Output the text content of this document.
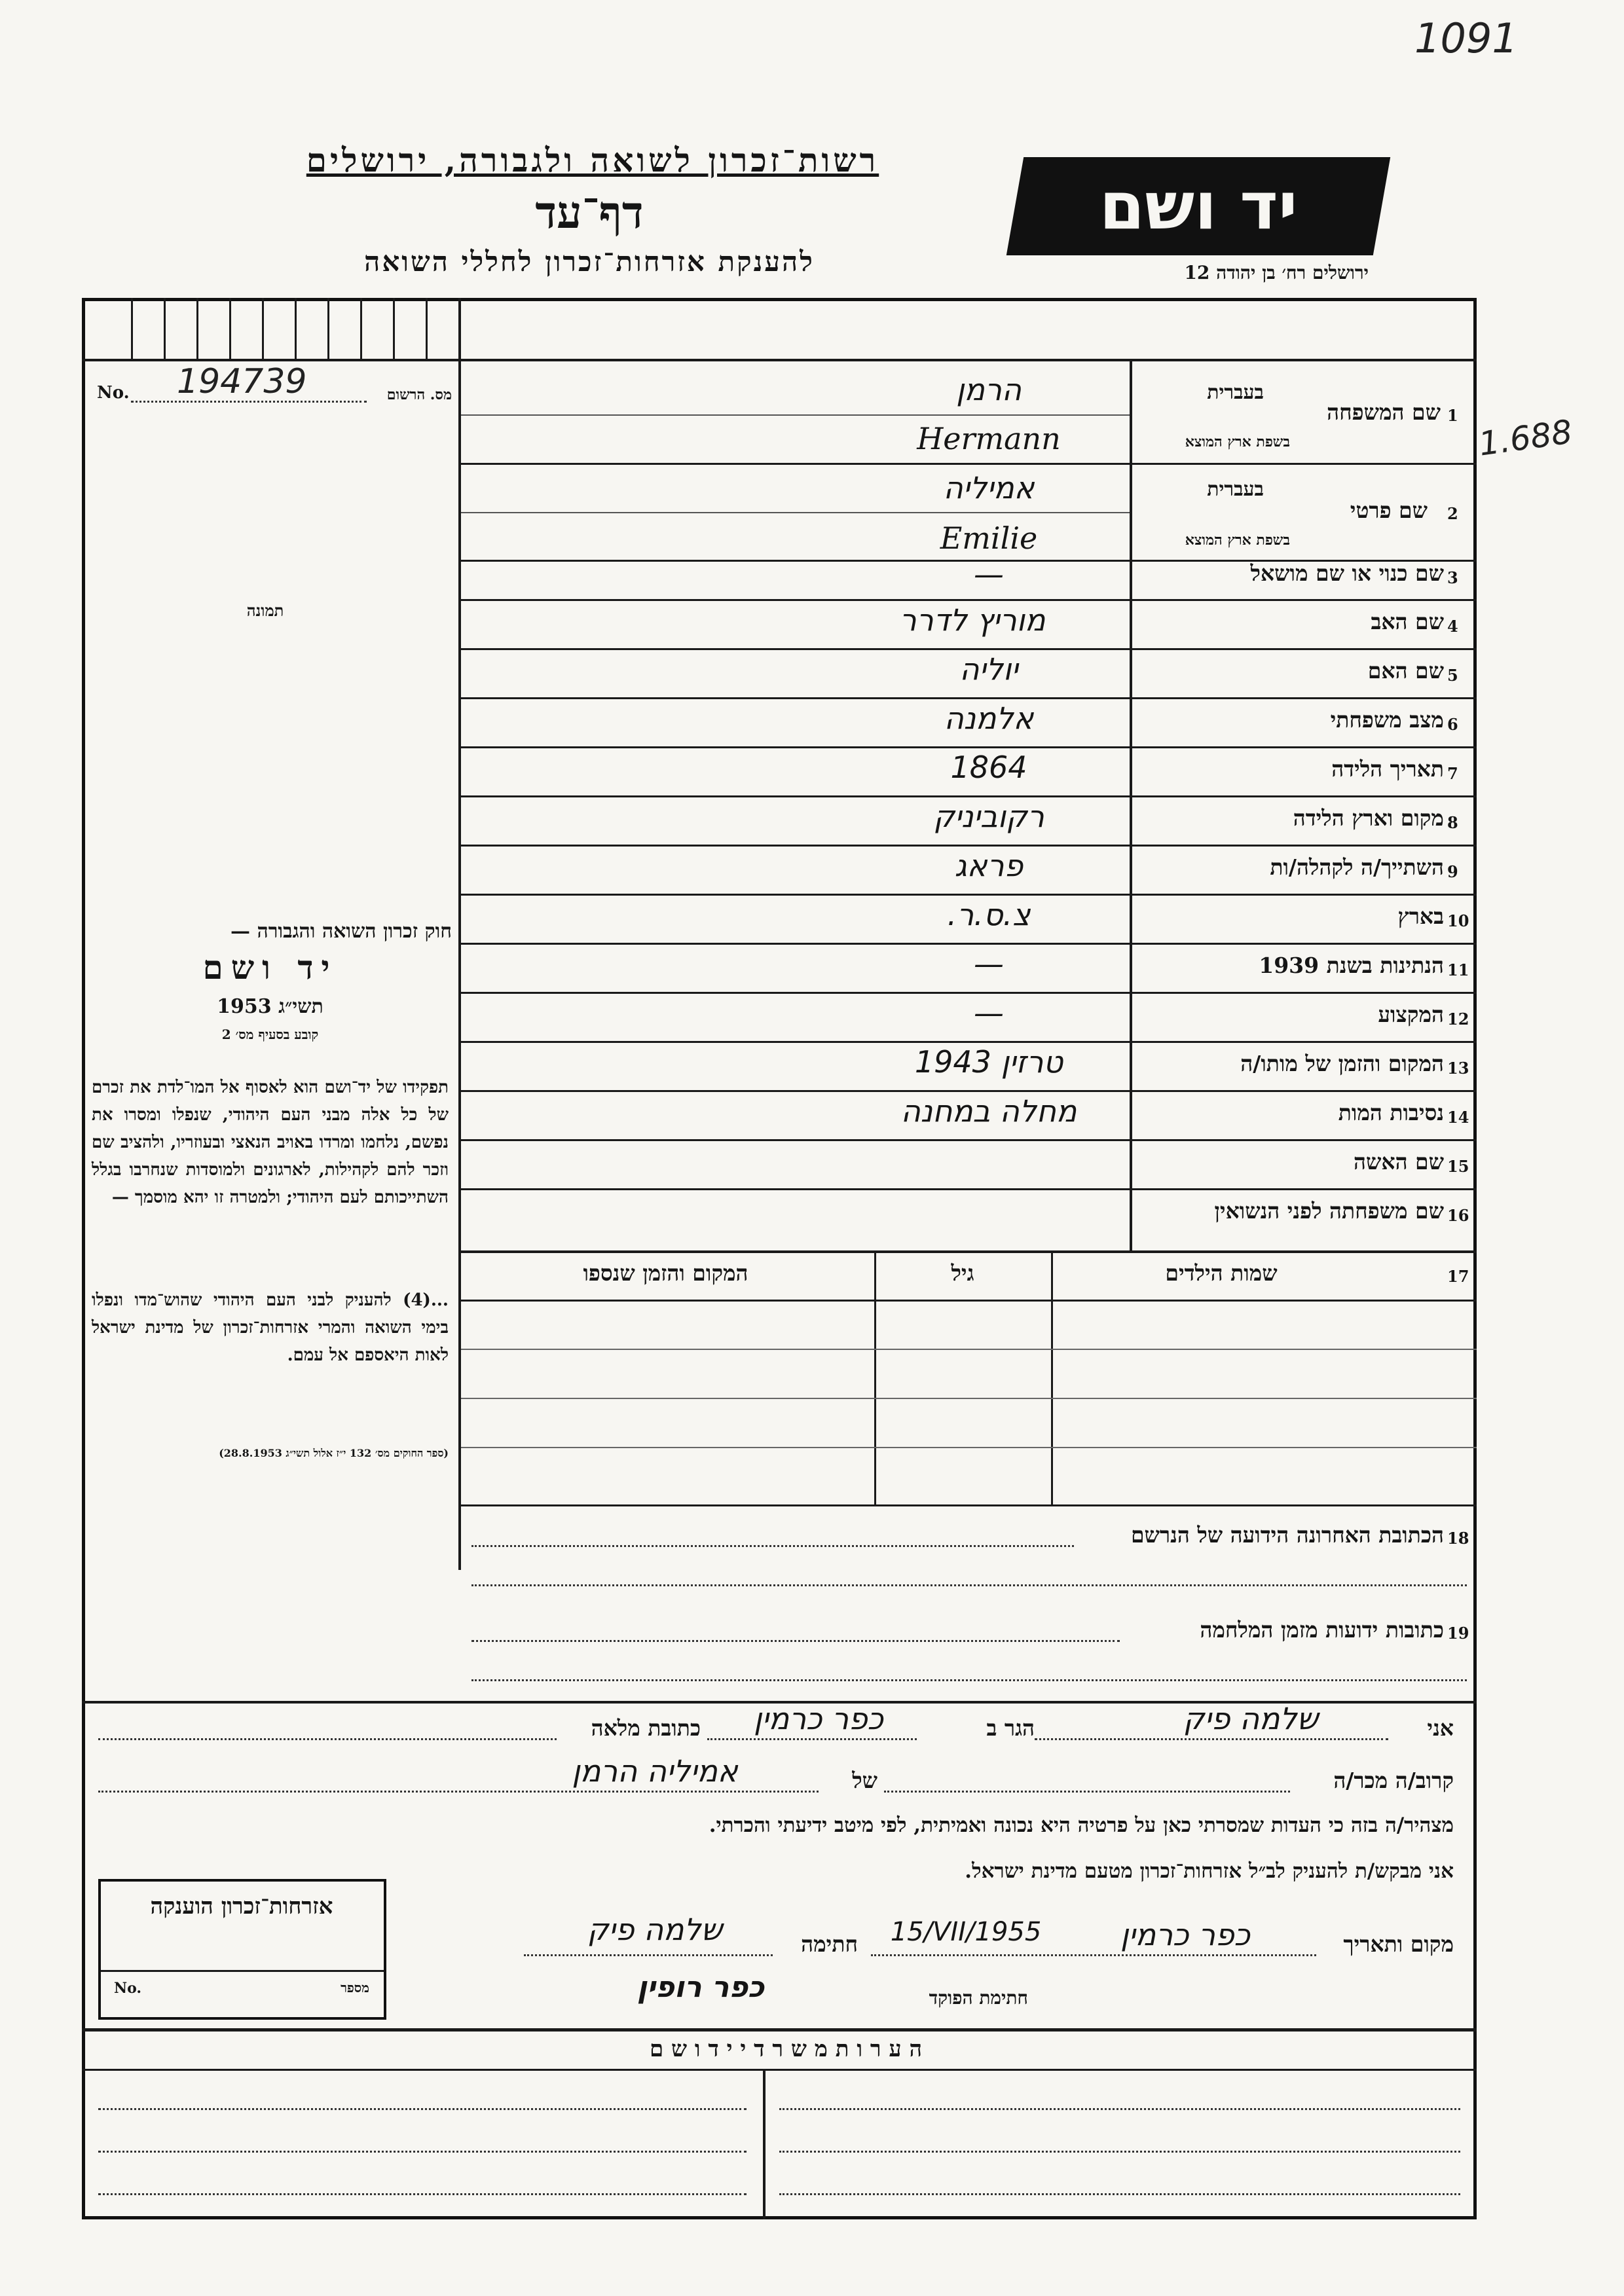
1091
1.688
רשות־זכרון לשואה ולגבורה, ירושלים
דף־עד
להענקת אזרחות־זכרון לחללי השואה
יד ושם
ירושלים רח׳ בן יהודה 12
No. 194739	מס. הרשום
תמונה
חוק זכרון השואה והגבורה —
יד ושם
תשי״ג 1953
קובע בסעיף מס׳ 2
תפקידו של יד־ושם הוא לאסוף אל המו־לדת את זכרם של כל אלה מבני העם היהודי, שנפלו ומסרו את נפשם, נלחמו ומרדו באויב הנאצי ובעוזריו, ולהציב שם וזכר להם לקהילות, לארגונים ולמוסדות שנחרבו בגלל השתייכותם לעם היהודי; ולמטרה זו יהא מוסמך —
...(4) להעניק לבני העם היהודי שהוש־מדו ונפלו בימי השואה והמרי אזרחות־זכרון של מדינת ישראל לאות היאספם אל עמם.
(ספר החוקים מס׳ 132 י״ז אלול תשי״ג 28.8.1953)
בעברית
בשפת ארץ המוצא
בעברית
בשפת ארץ המוצא
1
שם המשפחה
הרמן
Hermann
2
שם פרטי
אמיליה
Emilie
3
שם כנוי או שם מושאל
—
4
שם האב
מוריץ לדרר
5
שם האם
יוליה
6
מצב משפחתי
אלמנה
7
תאריך הלידה
1864
8
מקום וארץ הלידה
רקוביניק
9
השתייך/ה לקהלה/ות
פראג
10
בארץ
צ.ס.ר.
11
הנתינות בשנת 1939
—
12
המקצוע
—
13
המקום והזמן של מותו/ה
טרזין 1943
14
נסיבות המות
מחלה במחנה
15
שם האשה
16
שם משפחתה לפני הנשואין
17
שמות הילדים
גיל
המקום והזמן שנספו
18
הכתובת האחרונה הידועה של הנרשם
19
כתובות ידועות מזמן המלחמה
אני
שלמה פיק
הגר ב
כפר כרמין
כתובת מלאה
קרוב/ה מכר/ה
של
אמיליה הרמן
מצהיר/ה בזה כי העדות שמסרתי כאן על פרטיה היא נכונה ואמיתית, לפי מיטב ידיעתי והכרתי.
אני מבקש/ת להעניק לב״ל אזרחות־זכרון מטעם מדינת ישראל.
מקום ותאריך
כפר כרמין
15/VII/1955
חתימה
שלמה פיק
חתימת הפוקד
כפר רופין
אזרחות־זכרון הוענקה
No.	מספר
ה ע ר ו ת מ ש ר ד י י ד ו ש ם
